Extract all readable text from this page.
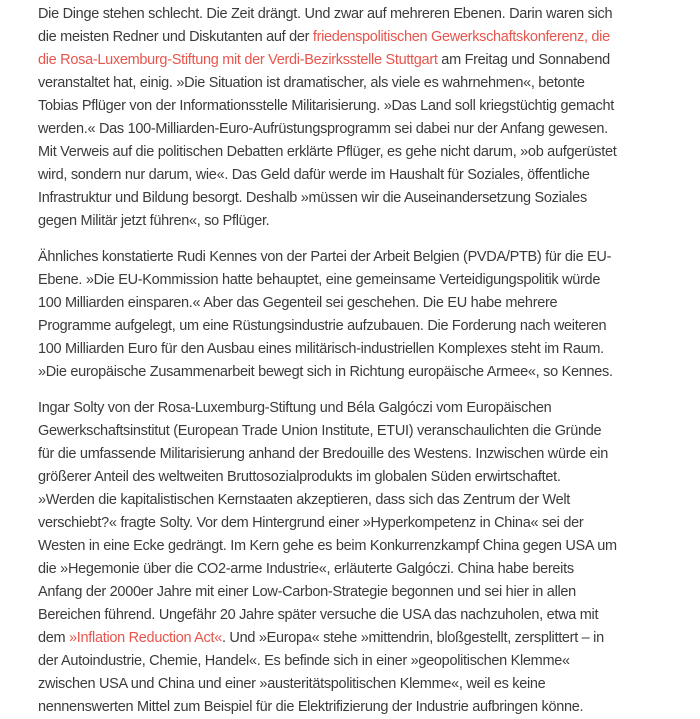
Die Dinge stehen schlecht. Die Zeit drängt. Und zwar auf mehreren Ebenen. Darin waren sich die meisten Redner und Diskutanten auf der friedenspolitischen Gewerkschaftskonferenz, die die Rosa-Luxemburg-Stiftung mit der Verdi-Bezirksstelle Stuttgart am Freitag und Sonnabend veranstaltet hat, einig. »Die Situation ist dramatischer, als viele es wahrnehmen«, betonte Tobias Pflüger von der Informationsstelle Militarisierung. »Das Land soll kriegstüchtig gemacht werden.« Das 100-Milliarden-Euro-Aufrüstungsprogramm sei dabei nur der Anfang gewesen. Mit Verweis auf die politischen Debatten erklärte Pflüger, es gehe nicht darum, »ob aufgerüstet wird, sondern nur darum, wie«. Das Geld dafür werde im Haushalt für Soziales, öffentliche Infrastruktur und Bildung besorgt. Deshalb »müssen wir die Auseinandersetzung Soziales gegen Militär jetzt führen«, so Pflüger.

Ähnliches konstatierte Rudi Kennes von der Partei der Arbeit Belgien (PVDA/PTB) für die EU-Ebene. »Die EU-Kommission hatte behauptet, eine gemeinsame Verteidigungspolitik würde 100 Milliarden einsparen.« Aber das Gegenteil sei geschehen. Die EU habe mehrere Programme aufgelegt, um eine Rüstungsindustrie aufzubauen. Die Forderung nach weiteren 100 Milliarden Euro für den Ausbau eines militärisch-industriellen Komplexes steht im Raum. »Die europäische Zusammenarbeit bewegt sich in Richtung europäische Armee«, so Kennes.

Ingar Solty von der Rosa-Luxemburg-Stiftung und Béla Galgóczi vom Europäischen Gewerkschaftsinstitut (European Trade Union Institute, ETUI) veranschaulichten die Gründe für die umfassende Militarisierung anhand der Bredouille des Westens. Inzwischen würde ein größerer Anteil des weltweiten Bruttosozialprodukts im globalen Süden erwirtschaftet. »Werden die kapitalistischen Kernstaaten akzeptieren, dass sich das Zentrum der Welt verschiebt?« fragte Solty. Vor dem Hintergrund einer »Hyperkompetenz in China« sei der Westen in eine Ecke gedrängt. Im Kern gehe es beim Konkurrenzkampf China gegen USA um die »Hegemonie über die CO2-arme Industrie«, erläuterte Galgóczi. China habe bereits Anfang der 2000er Jahre mit einer Low-Carbon-Strategie begonnen und sei hier in allen Bereichen führend. Ungefähr 20 Jahre später versuche die USA das nachzuholen, etwa mit dem »Inflation Reduction Act«. Und »Europa« stehe »mittendrin, bloßgestellt, zersplittert – in der Autoindustrie, Chemie, Handel«. Es befinde sich in einer »geopolitischen Klemme« zwischen USA und China und einer »austeritätspolitischen Klemme«, weil es keine nennenswerten Mittel zum Beispiel für die Elektrifizierung der Industrie aufbringen könne.
